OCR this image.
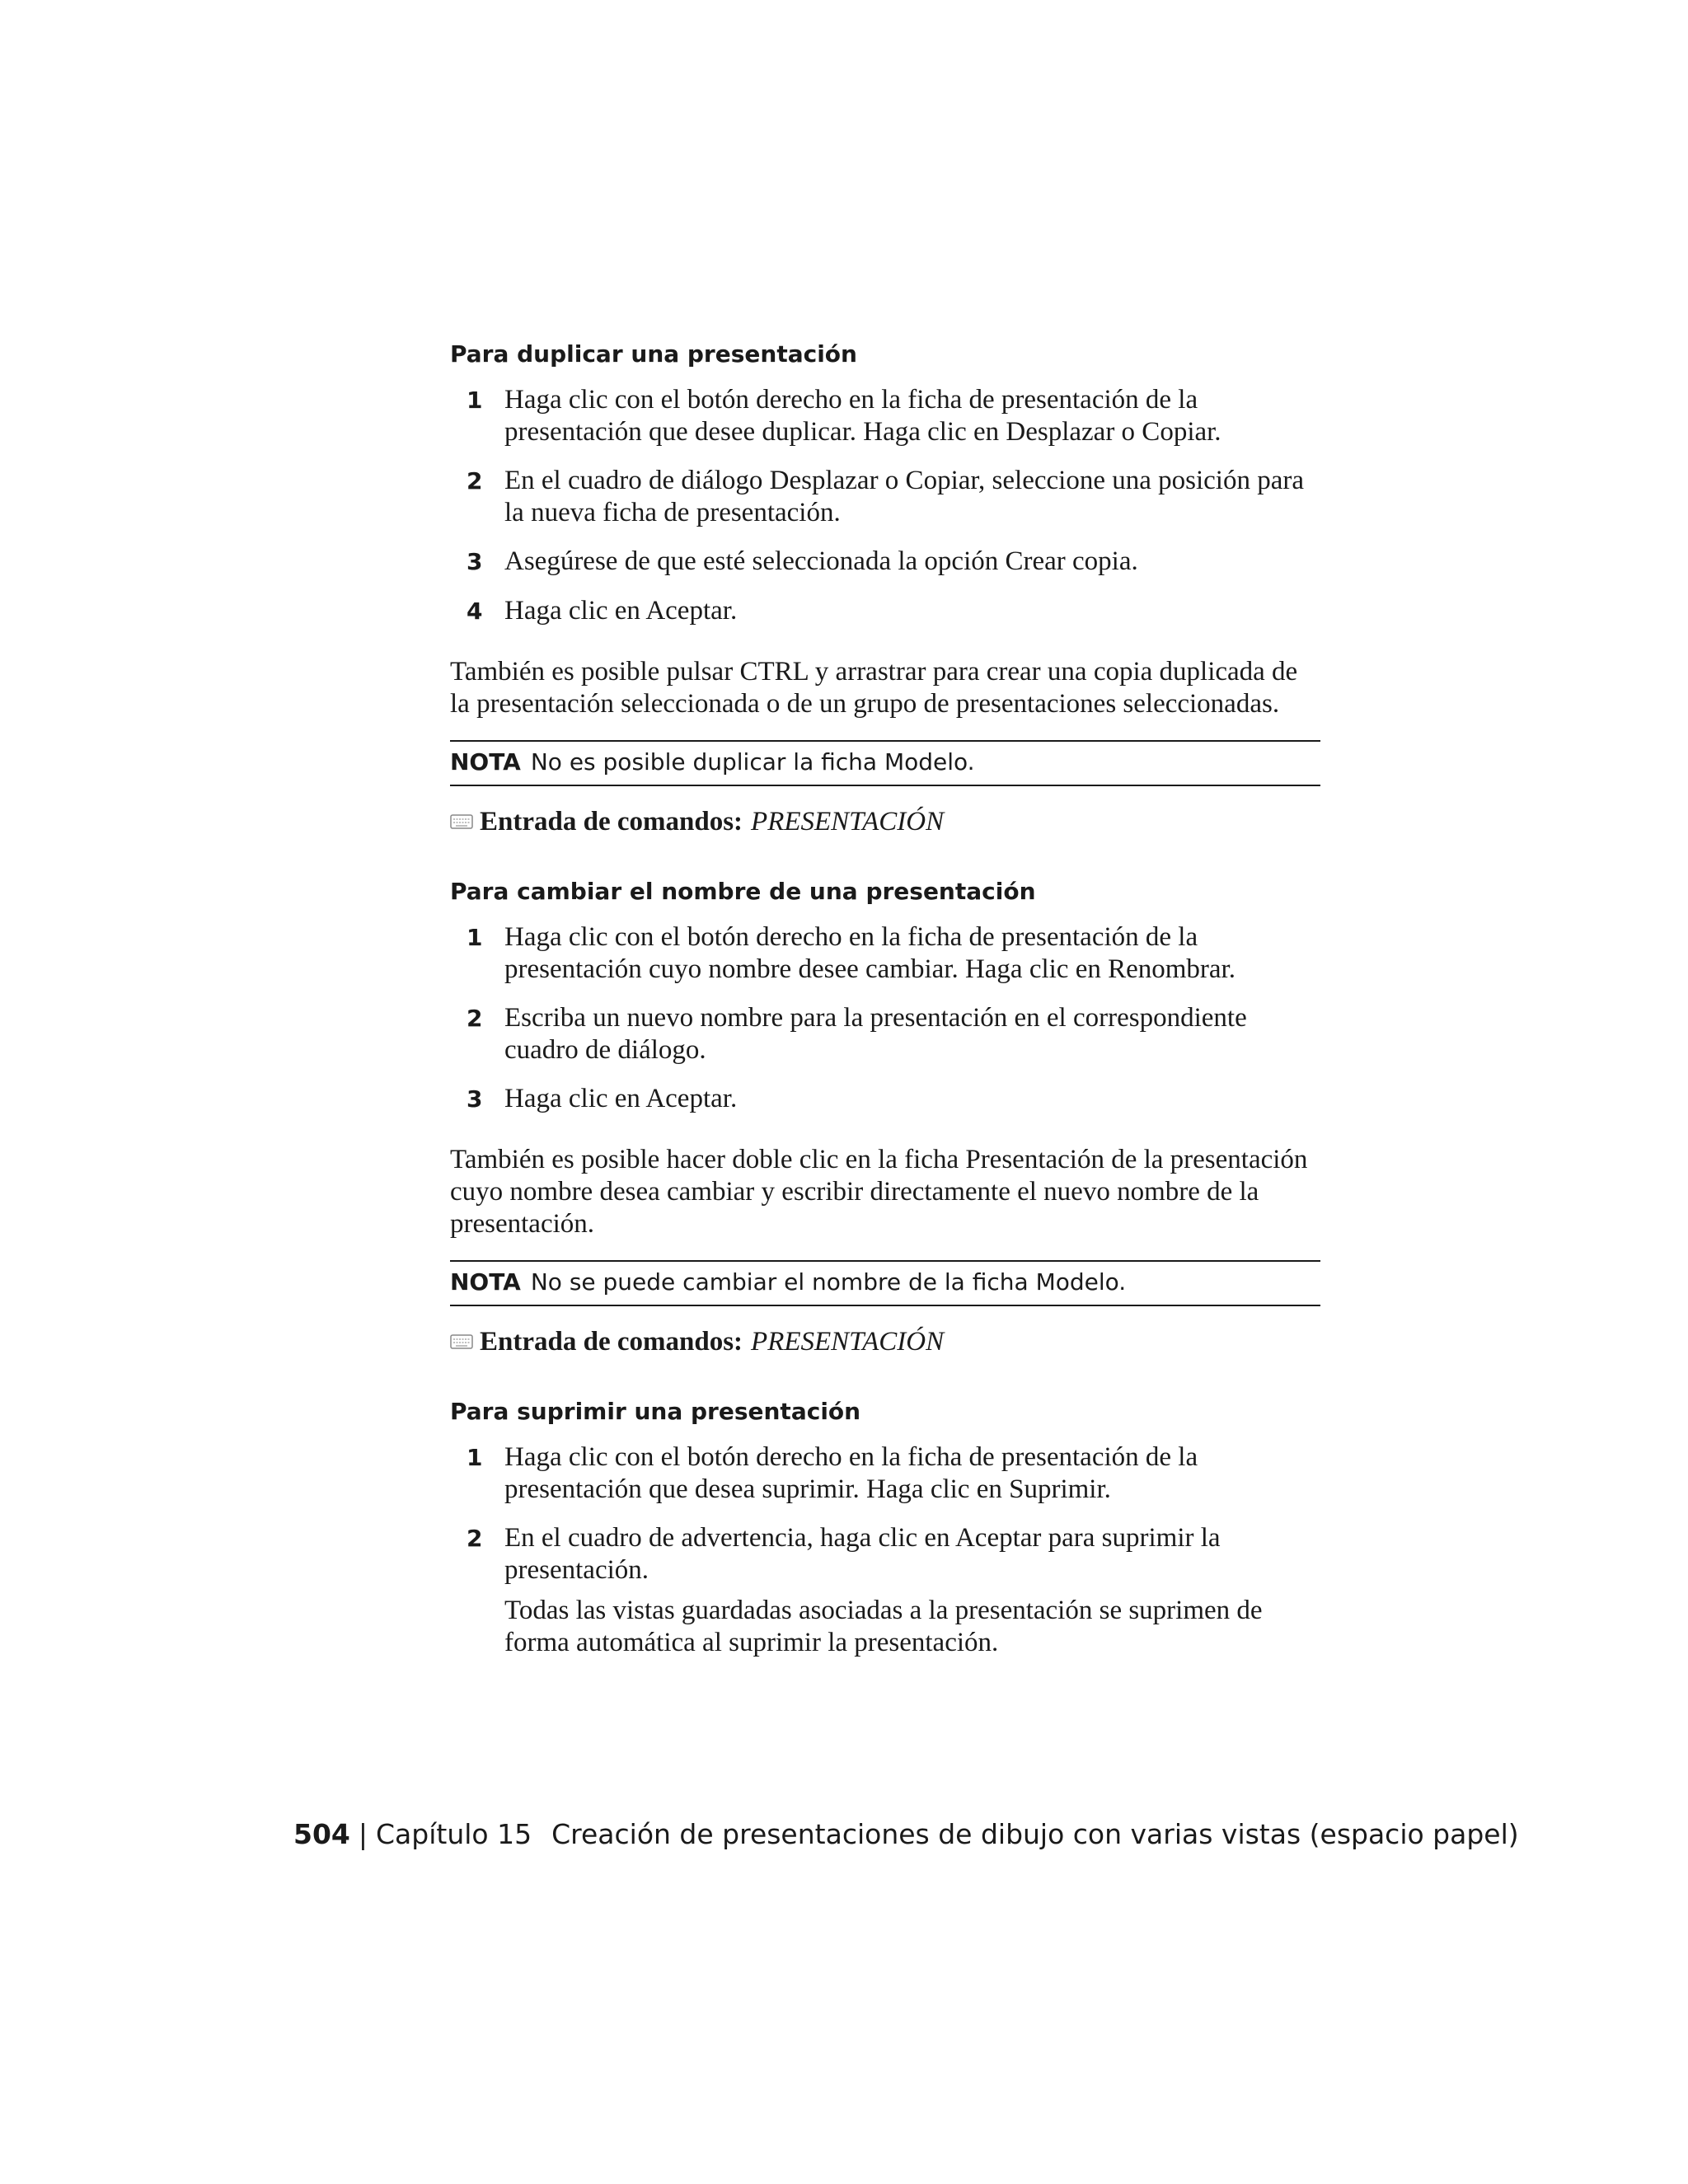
Para duplicar una presentación
1 Haga clic con el botón derecho en la ficha de presentación de la presentación que desee duplicar. Haga clic en Desplazar o Copiar.

2 En el cuadro de diálogo Desplazar o Copiar, seleccione una posición para la nueva ficha de presentación.

3 Asegúrese de que esté seleccionada la opción Crear copia.

4 Haga clic en Aceptar.

También es posible pulsar CTRL y arrastrar para crear una copia duplicada de la presentación seleccionada o de un grupo de presentaciones seleccionadas.

NOTA No es posible duplicar la ficha Modelo.
Entrada de comandos: PRESENTACIÓN
Para cambiar el nombre de una presentación
1 Haga clic con el botón derecho en la ficha de presentación de la presentación cuyo nombre desee cambiar. Haga clic en Renombrar.

2 Escriba un nuevo nombre para la presentación en el correspondiente cuadro de diálogo.

3 Haga clic en Aceptar.

También es posible hacer doble clic en la ficha Presentación de la presentación cuyo nombre desea cambiar y escribir directamente el nuevo nombre de la presentación.

NOTA No se puede cambiar el nombre de la ficha Modelo.
Entrada de comandos: PRESENTACIÓN
Para suprimir una presentación
1 Haga clic con el botón derecho en la ficha de presentación de la presentación que desea suprimir. Haga clic en Suprimir.

2 En el cuadro de advertencia, haga clic en Aceptar para suprimir la presentación.

Todas las vistas guardadas asociadas a la presentación se suprimen de forma automática al suprimir la presentación.

504 | Capítulo 15 Creación de presentaciones de dibujo con varias vistas (espacio papel)
